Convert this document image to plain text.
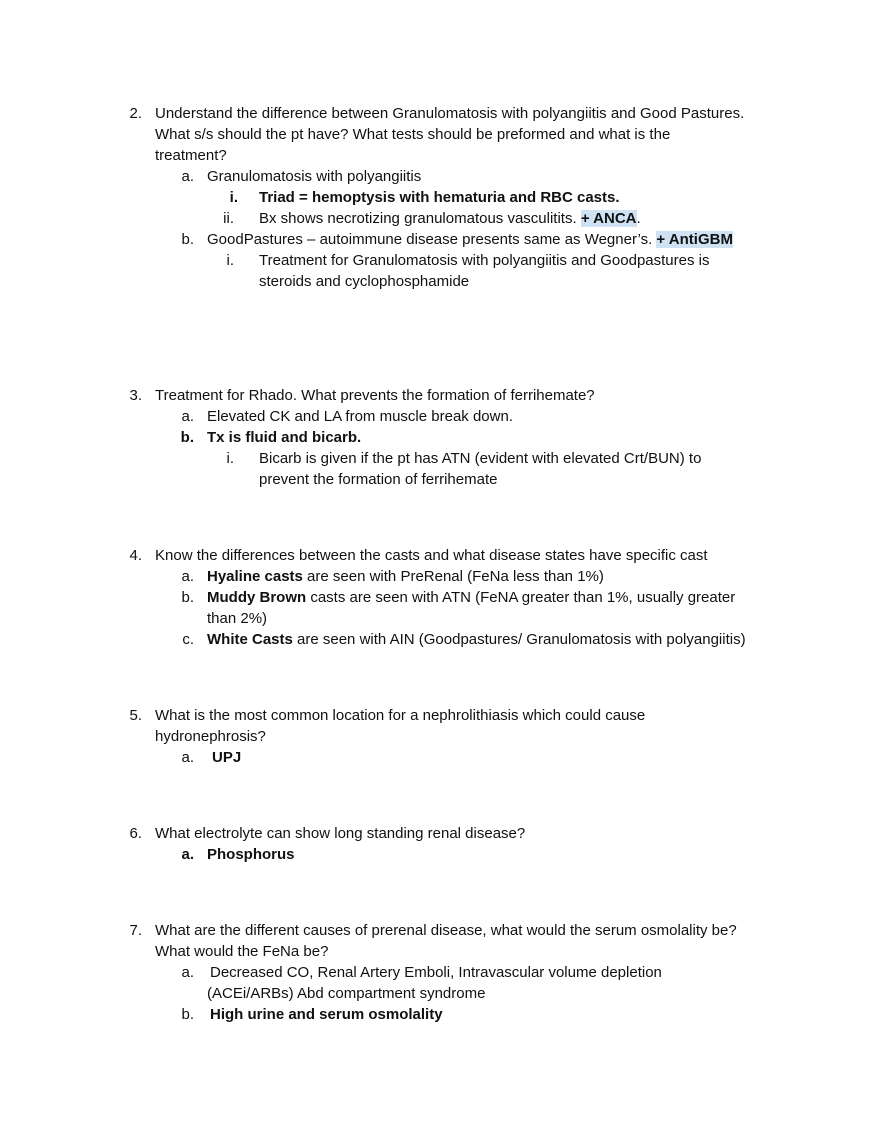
2. Understand the difference between Granulomatosis with polyangiitis and Good Pastures.
What s/s should the pt have? What tests should be preformed and what is the
treatment?
a. Granulomatosis with polyangiitis
i. Triad = hemoptysis with hematuria and RBC casts.
ii. Bx shows necrotizing granulomatous vasculitits. + ANCA.
b. GoodPastures – autoimmune disease presents same as Wegner’s. + AntiGBM
i. Treatment for Granulomatosis with polyangiitis and Goodpastures is
steroids and cyclophosphamide
3. Treatment for Rhado. What prevents the formation of ferrihemate?
a. Elevated CK and LA from muscle break down.
b. Tx is fluid and bicarb.
i. Bicarb is given if the pt has ATN (evident with elevated Crt/BUN) to
prevent the formation of ferrihemate
4. Know the differences between the casts and what disease states have specific cast
a. Hyaline casts are seen with PreRenal (FeNa less than 1%)
b. Muddy Brown casts are seen with ATN (FeNA greater than 1%, usually greater
than 2%)
c. White Casts are seen with AIN (Goodpastures/ Granulomatosis with polyangiitis)
5. What is the most common location for a nephrolithiasis which could cause
hydronephrosis?
a. UPJ
6. What electrolyte can show long standing renal disease?
a. Phosphorus
7. What are the different causes of prerenal disease, what would the serum osmolality be?
What would the FeNa be?
a. Decreased CO, Renal Artery Emboli, Intravascular volume depletion
(ACEi/ARBs) Abd compartment syndrome
b. High urine and serum osmolality
